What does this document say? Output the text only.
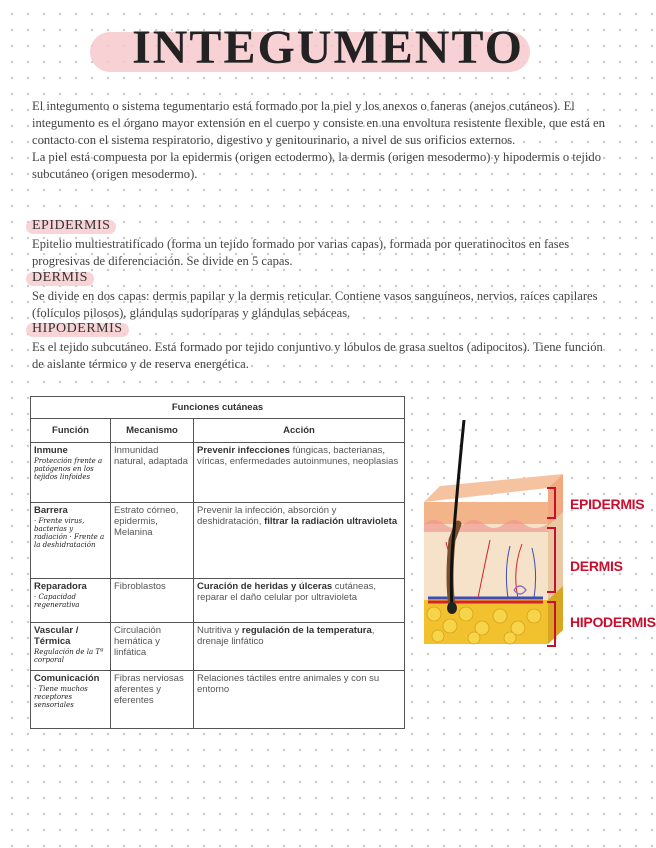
INTEGUMENTO

El integumento o sistema tegumentario está formado por la piel y los anexos o faneras (anejos cutáneos). El integumento es el órgano mayor extensión en el cuerpo y consiste en una envoltura resistente flexible, que está en contacto con el sistema respiratorio, digestivo y genitourinario, a nivel de sus orificios externos.

La piel está compuesta por la epidermis (origen ectodermo), la dermis (origen mesodermo) y hipodermis o tejido subcutáneo (origen mesodermo).

EPIDERMIS
Epitelio multiestratificado (forma un tejido formado por varias capas), formada por queratinocitos en fases progresivas de diferenciación. Se divide en 5 capas.
DERMIS
Se divide en dos capas: dermis papilar y la dermis reticular. Contiene vasos sanguíneos, nervios, raíces capilares (folículos pilosos), glándulas sudoríparas y glándulas sebáceas.
HIPODERMIS
Es el tejido subcutáneo. Está formado por tejido conjuntivo y lóbulos de grasa sueltos (adipocitos). Tiene función de aislante térmico y de reserva energética.
Funciones cutáneas		
Función	Mecanismo	Acción

Inmune
Protección frente a patógenos en los tejidos linfoides	Inmunidad natural, adaptada	Prevenir infecciones fúngicas, bacterianas, víricas, enfermedades autoinmunes, neoplasias

Barrera
· Frente virus, bacterias y radiación · Frente a la deshidratación	Estrato córneo, epidermis, Melanina	Prevenir la infección, absorción y deshidratación, filtrar la radiación ultravioleta

Reparadora
· Capacidad regenerativa	Fibroblastos	Curación de heridas y úlceras cutáneas, reparar el daño celular por ultravioleta

Vascular / Térmica
Regulación de la Tª corporal	Circulación hemática y linfática	Nutritiva y regulación de la temperatura, drenaje linfático

Comunicación
· Tiene muchos receptores sensoriales	Fibras nerviosas aferentes y eferentes	Relaciones táctiles entre animales y con su entorno
EPIDERMIS
DERMIS
HIPODERMIS
